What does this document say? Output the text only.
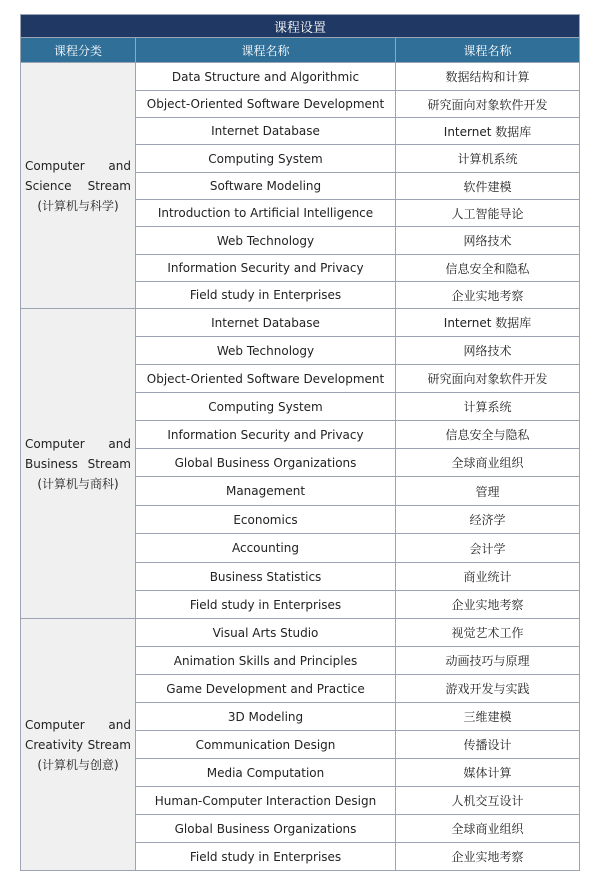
课程设置		
课程分类	课程名称	课程名称

Computer and
Science Stream
(计算机与科学)	Data Structure and Algorithmic	数据结构和计算
	Object-Oriented Software Development	研究面向对象软件开发
	Internet Database	Internet 数据库
	Computing System	计算机系统
	Software Modeling	软件建模
	Introduction to Artificial Intelligence	人工智能导论
	Web Technology	网络技术
	Information Security and Privacy	信息安全和隐私
	Field study in Enterprises	企业实地考察

Computer and
Business Stream
(计算机与商科)	Internet Database	Internet 数据库
	Web Technology	网络技术
	Object-Oriented Software Development	研究面向对象软件开发
	Computing System	计算系统
	Information Security and Privacy	信息安全与隐私
	Global Business Organizations	全球商业组织
	Management	管理
	Economics	经济学
	Accounting	会计学
	Business Statistics	商业统计
	Field study in Enterprises	企业实地考察

Computer and
Creativity Stream
(计算机与创意)	Visual Arts Studio	视觉艺术工作
	Animation Skills and Principles	动画技巧与原理
	Game Development and Practice	游戏开发与实践
	3D Modeling	三维建模
	Communication Design	传播设计
	Media Computation	媒体计算
	Human-Computer Interaction Design	人机交互设计
	Global Business Organizations	全球商业组织
	Field study in Enterprises	企业实地考察
